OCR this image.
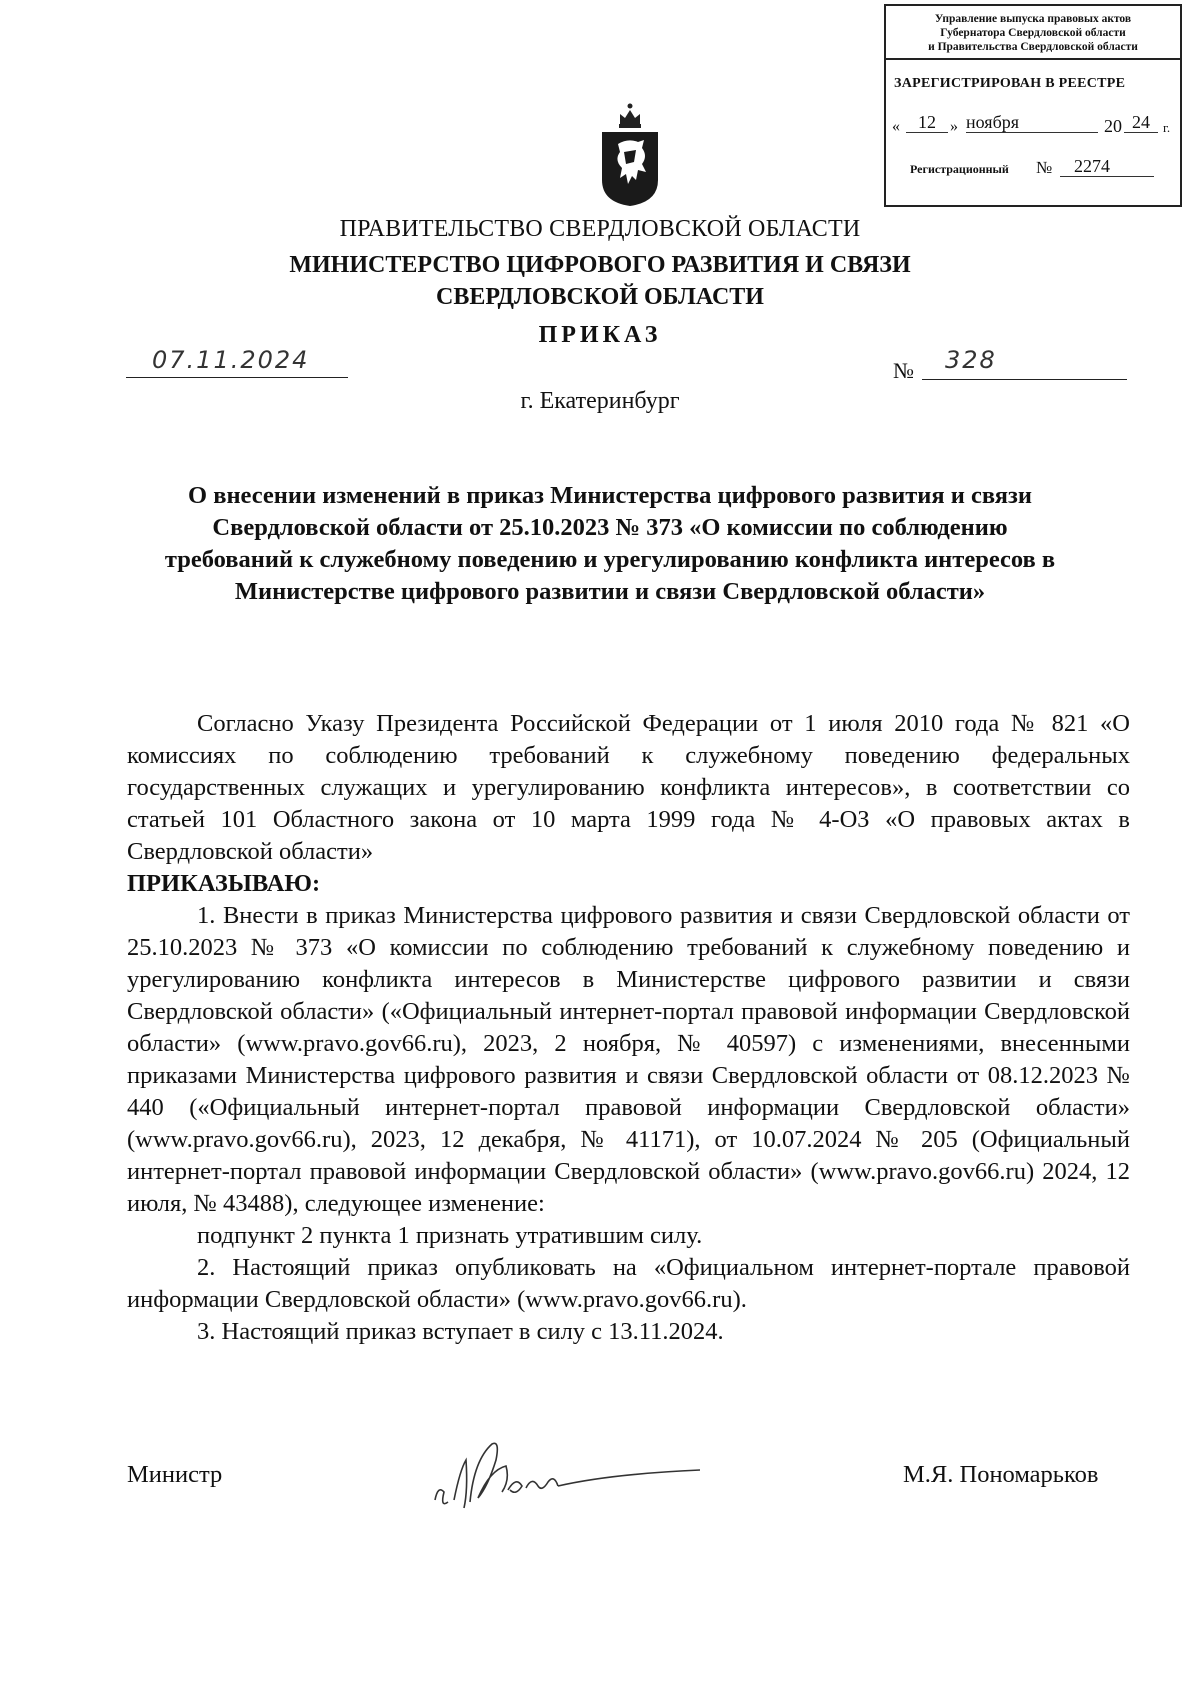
Управление выпуска правовых актов
Губернатора Свердловской области
и Правительства Свердловской области
ЗАРЕГИСТРИРОВАН В РЕЕСТРЕ
«	12 » ноября	20 24	г.
Регистрационный №	2274
ПРАВИТЕЛЬСТВО СВЕРДЛОВСКОЙ ОБЛАСТИ
МИНИСТЕРСТВО ЦИФРОВОГО РАЗВИТИЯ И СВЯЗИ
СВЕРДЛОВСКОЙ ОБЛАСТИ
ПРИКАЗ
07.11.2024	№ 328
г. Екатеринбург
О внесении изменений в приказ Министерства цифрового развития и связи Свердловской области от 25.10.2023 № 373 «О комиссии по соблюдению требований к служебному поведению и урегулированию конфликта интересов в Министерстве цифрового развитии и связи Свердловской области»

Согласно Указу Президента Российской Федерации от 1 июля 2010 года № 821 «О комиссиях по соблюдению требований к служебному поведению федеральных государственных служащих и урегулированию конфликта интересов», в соответствии со статьей 101 Областного закона от 10 марта 1999 года № 4-ОЗ «О правовых актах в Свердловской области»

ПРИКАЗЫВАЮ:

1. Внести в приказ Министерства цифрового развития и связи Свердловской области от 25.10.2023 № 373 «О комиссии по соблюдению требований к служебному поведению и урегулированию конфликта интересов в Министерстве цифрового развитии и связи Свердловской области» («Официальный интернет-портал правовой информации Свердловской области» (www.pravo.gov66.ru), 2023, 2 ноября, № 40597) с изменениями, внесенными приказами Министерства цифрового развития и связи Свердловской области от 08.12.2023 № 440 («Официальный интернет-портал правовой информации Свердловской области» (www.pravo.gov66.ru), 2023, 12 декабря, № 41171), от 10.07.2024 № 205 (Официальный интернет-портал правовой информации Свердловской области» (www.pravo.gov66.ru) 2024, 12 июля, № 43488), следующее изменение:

подпункт 2 пункта 1 признать утратившим силу.

2. Настоящий приказ опубликовать на «Официальном интернет-портале правовой информации Свердловской области» (www.pravo.gov66.ru).

3. Настоящий приказ вступает в силу с 13.11.2024.

Министр	М.Я. Пономарьков
